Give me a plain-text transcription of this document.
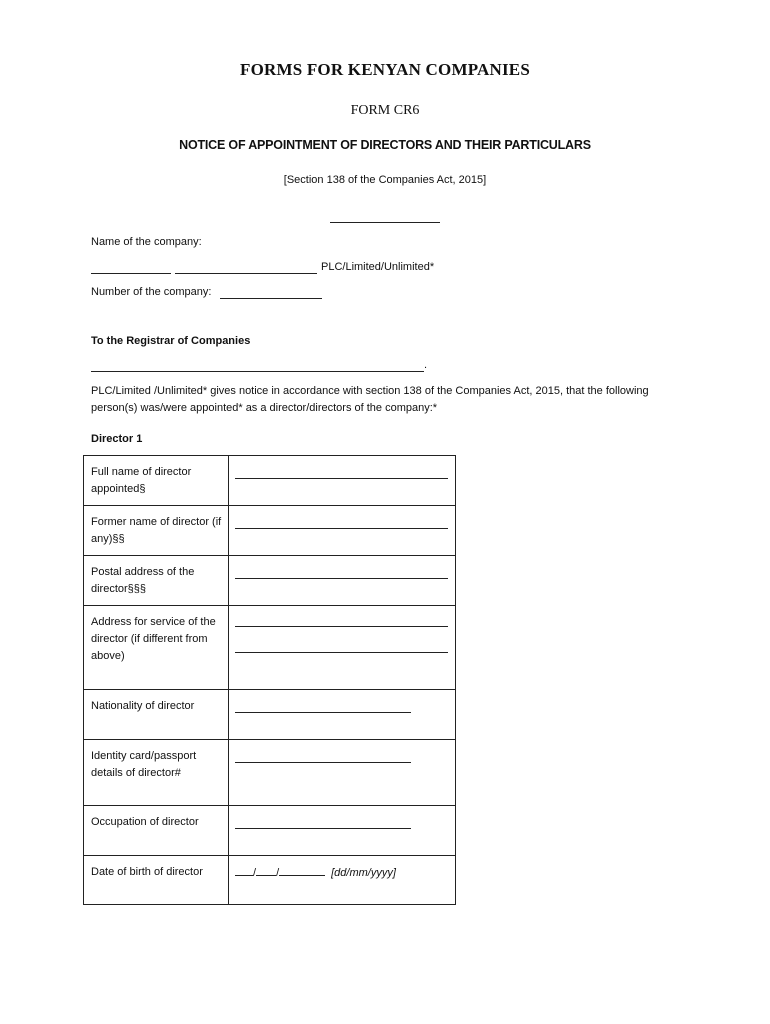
FORMS FOR KENYAN COMPANIES
FORM CR6
NOTICE OF APPOINTMENT OF DIRECTORS AND THEIR PARTICULARS
[Section 138 of the Companies Act, 2015]
Name of the company:
PLC/Limited/Unlimited*
Number of the company:
To the Registrar of Companies
.
PLC/Limited /Unlimited* gives notice in accordance with section 138 of the Companies Act, 2015, that the following person(s) was/were appointed* as a director/directors of the company:*
Director 1
Full name of director appointed§	

Former name of director (if any)§§	

Postal address of the director§§§	

Address for service of the director (if different from above)	

Nationality of director	

Identity card/passport details of director#	

Occupation of director	

Date of birth of director	/ / [dd/mm/yyyy]
